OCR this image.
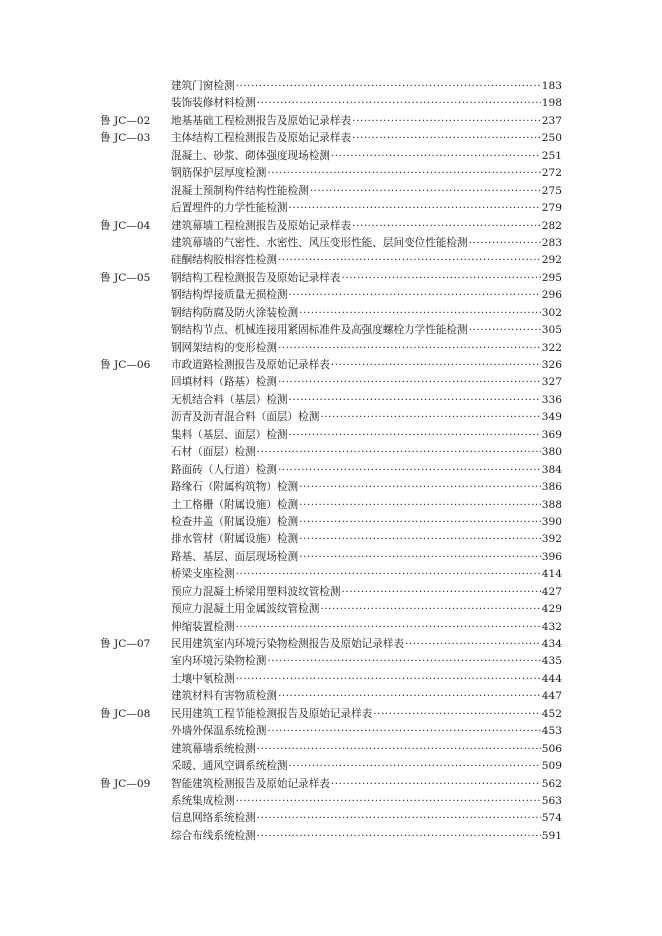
建筑门窗检测 ·····	183
装饰装修材料检测 ·····	198
鲁 JC—02	地基基础工程检测报告及原始记录样表 ·····	237
鲁 JC—03	主体结构工程检测报告及原始记录样表 ·····	250
混凝土、砂浆、砌体强度现场检测 ·····	251
钢筋保护层厚度检测 ·····	272
混凝土预制构件结构性能检测 ·····	275
后置埋件的力学性能检测 ·····	279
鲁 JC—04	建筑幕墙工程检测报告及原始记录样表 ·····	282
建筑幕墙的气密性、水密性、风压变形性能、层间变位性能检测 ·····	283
硅酮结构胶相容性检测 ·····	292
鲁 JC—05	钢结构工程检测报告及原始记录样表 ·····	295
钢结构焊接质量无损检测 ·····	296
钢结构防腐及防火涂装检测 ·····	302
钢结构节点、机械连接用紧固标准件及高强度螺栓力学性能检测 ·····	305
钢网架结构的变形检测 ·····	322
鲁 JC—06	市政道路检测报告及原始记录样表 ·····	326
回填材料（路基）检测 ·····	327
无机结合料（基层）检测 ·····	336
沥青及沥青混合料（面层）检测 ·····	349
集料（基层、面层）检测 ·····	369
石材（面层）检测 ·····	380
路面砖（人行道）检测 ·····	384
路缘石（附属构筑物）检测 ·····	386
土工格栅（附属设施）检测 ·····	388
检查井盖（附属设施）检测 ·····	390
排水管材（附属设施）检测 ·····	392
路基、基层、面层现场检测 ·····	396
桥梁支座检测 ·····	414
预应力混凝土桥梁用塑料波纹管检测 ·····	427
预应力混凝土用金属波纹管检测 ·····	429
伸缩装置检测 ·····	432
鲁 JC—07	民用建筑室内环境污染物检测报告及原始记录样表 ·····	434
室内环境污染物检测 ·····	435
土壤中氡检测 ·····	444
建筑材料有害物质检测 ·····	447
鲁 JC—08	民用建筑工程节能检测报告及原始记录样表 ·····	452
外墙外保温系统检测 ·····	453
建筑幕墙系统检测 ·····	506
采暖、通风空调系统检测 ·····	509
鲁 JC—09	智能建筑检测报告及原始记录样表 ·····	562
系统集成检测 ·····	563
信息网络系统检测 ·····	574
综合布线系统检测 ·····	591
